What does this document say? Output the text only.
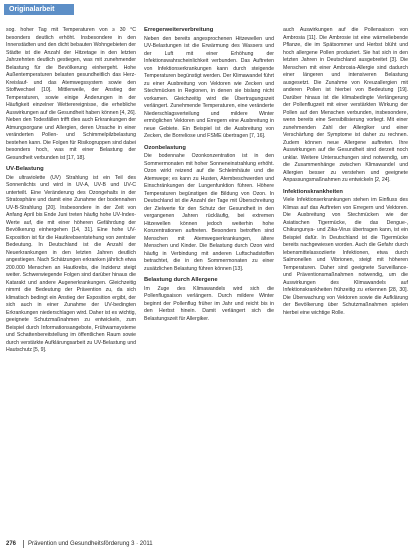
Originalarbeit

sog. hoher Tag mit Temperaturen von ≥ 30 °C besonders deutlich erhöht. Insbesondere in den Innenstädten und den dicht bebauten Wohngebieten der Städte ist die Anzahl der Hitzetage in den letzten Jahrzehnten deutlich gestiegen, was mit zunehmender Belastung für die Bevölkerung einhergeht. Hohe Außentemperaturen belasten gesundheitlich das Herz-Kreislauf- und das Atemwegssystem sowie den Stoffwechsel [10]. Mittlerweile, der Anstieg der Temperaturen, sowie einige Änderungen in der Häufigkeit einzelner Wetterereignisse, die erhebliche Auswirkungen auf die Gesundheit haben können [4, 26]. Neben den Todesfällen trifft dies auch Erkrankungen der Atmungsorgane und Allergien, deren Ursache in einer veränderten Pollen- und Schimmelpilzbelastung bestehen kann. Die Folgen für Risikogruppen sind dabei besonders hoch, was mit einer Belastung der Gesundheit verbunden ist [17, 18].

UV-Belastung

Die ultraviolette (UV) Strahlung ist ein Teil des Sonnenlichts und wird in UV-A, UV-B und UV-C unterteilt. Eine Veränderung des Ozongehalts in der Stratosphäre und damit eine Zunahme der bodennahen UV-B-Strahlung [20]. Insbesondere in der Zeit von Anfang April bis Ende Juni treten häufig hohe UV-Index-Werte auf, die mit einer höheren Gefährdung der Bevölkerung einhergehen [14, 31]. Eine hohe UV-Exposition ist für die Hautkrebsentstehung von zentraler Bedeutung. In Deutschland ist die Anzahl der Neuerkrankungen in den letzten Jahren deutlich angestiegen. Nach Schätzungen erkranken jährlich etwa 200.000 Menschen an Hautkrebs, die Inzidenz steigt weiter. Schwerwiegende Folgen sind darüber hinaus die Katarakt und andere Augenerkrankungen. Gleichzeitig nimmt die Bedeutung der Prävention zu, da sich klimatisch bedingt ein Anstieg der Exposition ergibt, der sich auch in einer Zunahme der UV-bedingten Erkrankungen niederschlagen wird. Daher ist es wichtig, geeignete Schutzmaßnahmen zu entwickeln, zum Beispiel durch Informationsangebote, Frühwarnsysteme und Schattenbereitstellung im öffentlichen Raum sowie durch verstärkte Aufklärungsarbeit zu UV-Belastung und Hautschutz [5, 9].

Erregerweiterverbreitung

Neben den bereits angesprochenen Hitzewellen und UV-Belastungen ist die Erwärmung des Wassers und der Luft mit einer Erhöhung der Infektionswahrscheinlichkeit verbunden. Das Auftreten von Infektionserkrankungen kann durch steigende Temperaturen begünstigt werden. Der Klimawandel führt zu einer Ausbreitung von Vektoren wie Zecken und Stechmücken in Regionen, in denen sie bislang nicht vorkamen. Gleichzeitig wird die Übertragungszeit verlängert. Zunehmende Temperaturen, eine veränderte Niederschlagsverteilung und mildere Winter ermöglichen Vektoren und Erregern eine Ausbreitung in neue Gebiete. Ein Beispiel ist die Ausbreitung von Zecken, die Borreliose und FSME übertragen [7, 16].

Ozonbelastung

Die bodennahe Ozonkonzentration ist in den Sommermonaten mit hoher Sonneneinstrahlung erhöht. Ozon wirkt reizend auf die Schleimhäute und die Atemwege; es kann zu Husten, Atembeschwerden und Einschränkungen der Lungenfunktion führen. Höhere Temperaturen begünstigen die Bildung von Ozon. In Deutschland ist die Anzahl der Tage mit Überschreitung der Zielwerte für den Schutz der Gesundheit in den vergangenen Jahren rückläufig, bei extremen Hitzewellen können jedoch weiterhin hohe Konzentrationen auftreten. Besonders betroffen sind Menschen mit Atemwegserkrankungen, ältere Menschen und Kinder. Die Belastung durch Ozon wird häufig in Verbindung mit anderen Luftschadstoffen betrachtet, die in den Sommermonaten zu einer zusätzlichen Belastung führen können [13].

Belastung durch Allergene

Im Zuge des Klimawandels wird sich die Pollenflugsaison verlängern. Durch mildere Winter beginnt der Pollenflug früher im Jahr und reicht bis in den Herbst hinein. Damit verlängert sich die Belastungszeit für Allergiker.

auch Auswirkungen auf die Pollensaison von Ambrosia [11]. Die Ambrosie ist eine wärmeliebende Pflanze, die im Spätsommer und Herbst blüht und hoch allergene Pollen produziert. Sie hat sich in den letzten Jahren in Deutschland ausgebreitet [3]. Die Menschen mit einer Ambrosia-Allergie sind dadurch einer längeren und intensiveren Belastung ausgesetzt. Die Zunahme von Kreuzallergien mit anderen Pollen ist hierbei von Bedeutung [19]. Darüber hinaus ist die klimabedingte Verlängerung der Pollenflugzeit mit einer verstärkten Wirkung der Pollen auf den Menschen verbunden, insbesondere, wenn bereits eine Sensibilisierung vorliegt. Mit einer zunehmenden Zahl der Allergiker und einer Verschärfung der Symptome ist daher zu rechnen. Zudem können neue Allergene auftreten. Ihre Auswirkungen auf die Gesundheit sind derzeit noch unklar. Weitere Untersuchungen sind notwendig, um die Zusammenhänge zwischen Klimawandel und Allergien besser zu verstehen und geeignete Anpassungsmaßnahmen zu entwickeln [2, 24].

Infektionskrankheiten

Viele Infektionserkrankungen stehen im Einfluss des Klimas auf das Auftreten von Erregern und Vektoren. Die Ausbreitung von Stechmücken wie der Asiatischen Tigermücke, die das Dengue-, Chikungunya- und Zika-Virus übertragen kann, ist ein Beispiel dafür. In Deutschland ist die Tigermücke bereits nachgewiesen worden. Auch die Gefahr durch lebensmittelassoziierte Infektionen, etwa durch Salmonellen und Vibrionen, steigt mit höheren Temperaturen. Daher sind geeignete Surveillance- und Präventionsmaßnahmen notwendig, um die Auswirkungen des Klimawandels auf Infektionskrankheiten frühzeitig zu erkennen [28, 30]. Die Überwachung von Vektoren sowie die Aufklärung der Bevölkerung über Schutzmaßnahmen spielen hierbei eine wichtige Rolle.

276 Prävention und Gesundheitsförderung 3 · 2011
